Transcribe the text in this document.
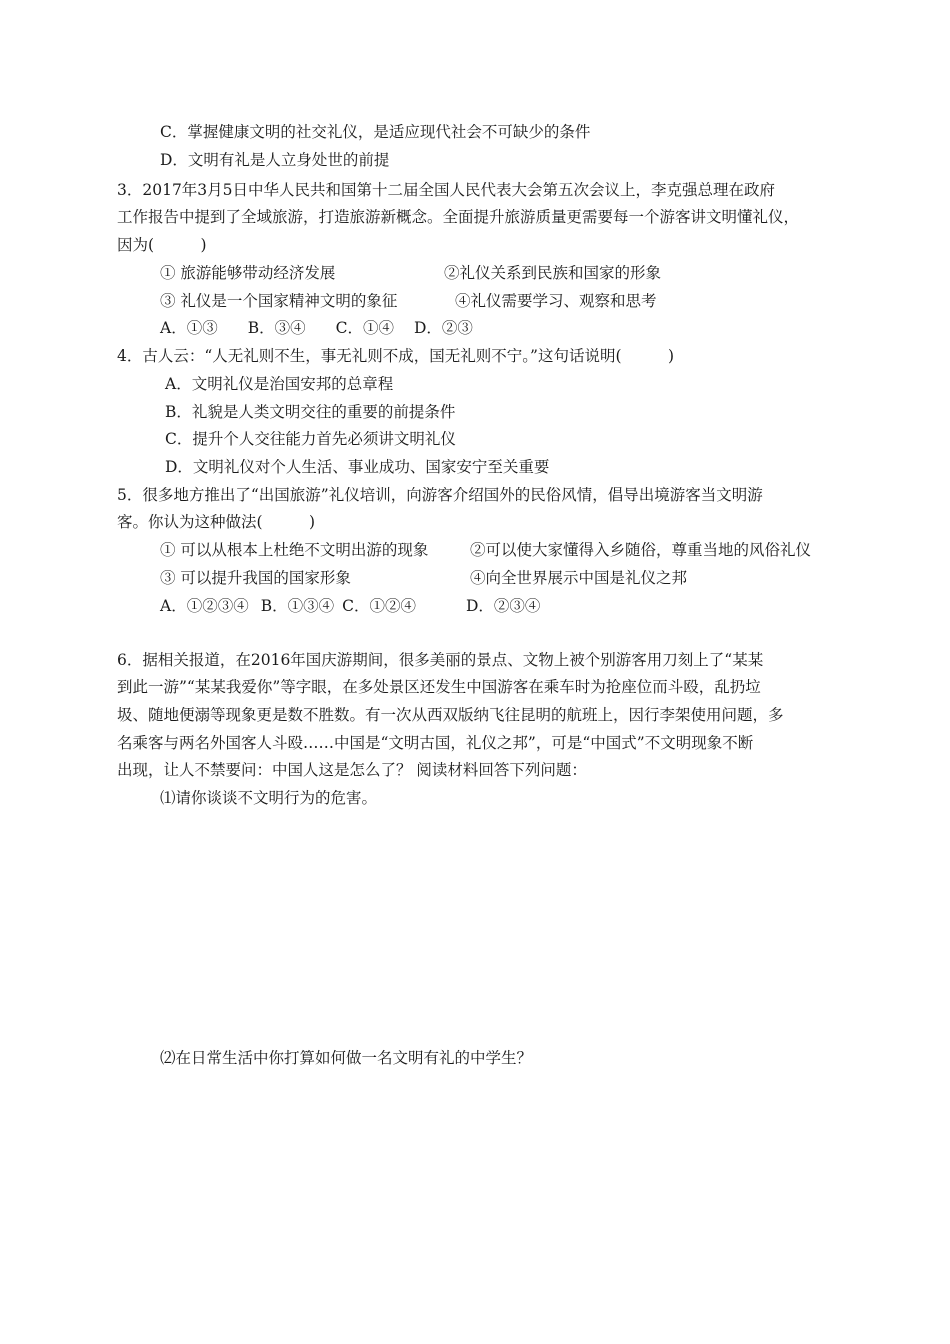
C．掌握健康文明的社交礼仪，是适应现代社会不可缺少的条件
D．文明有礼是人立身处世的前提
3．2017年3月5日中华人民共和国第十二届全国人民代表大会第五次会议上，李克强总理在政府
工作报告中提到了全域旅游，打造旅游新概念。全面提升旅游质量更需要每一个游客讲文明懂礼仪，
因为(　　　)
① 旅游能够带动经济发展	②礼仪关系到民族和国家的形象
③ 礼仪是一个国家精神文明的象征	④礼仪需要学习、观察和思考
A．①③ B．③④ C．①④ D．②③
4．古人云：“人无礼则不生，事无礼则不成，国无礼则不宁。”这句话说明(　　　)
A．文明礼仪是治国安邦的总章程
B．礼貌是人类文明交往的重要的前提条件
C．提升个人交往能力首先必须讲文明礼仪
D．文明礼仪对个人生活、事业成功、国家安宁至关重要
5．很多地方推出了“出国旅游”礼仪培训，向游客介绍国外的民俗风情，倡导出境游客当文明游
客。你认为这种做法(　　　)
① 可以从根本上杜绝不文明出游的现象	②可以使大家懂得入乡随俗，尊重当地的风俗礼仪
③ 可以提升我国的国家形象	④向全世界展示中国是礼仪之邦
A．①②③④ B．①③④ C．①②④	D．②③④
6．据相关报道，在2016年国庆游期间，很多美丽的景点、文物上被个别游客用刀刻上了“某某
到此一游”“某某我爱你”等字眼，在多处景区还发生中国游客在乘车时为抢座位而斗殴，乱扔垃
圾、随地便溺等现象更是数不胜数。有一次从西双版纳飞往昆明的航班上，因行李架使用问题，多
名乘客与两名外国客人斗殴……中国是“文明古国，礼仪之邦”，可是“中国式”不文明现象不断
出现，让人不禁要问：中国人这是怎么了？ 阅读材料回答下列问题：
⑴请你谈谈不文明行为的危害。
⑵在日常生活中你打算如何做一名文明有礼的中学生？
